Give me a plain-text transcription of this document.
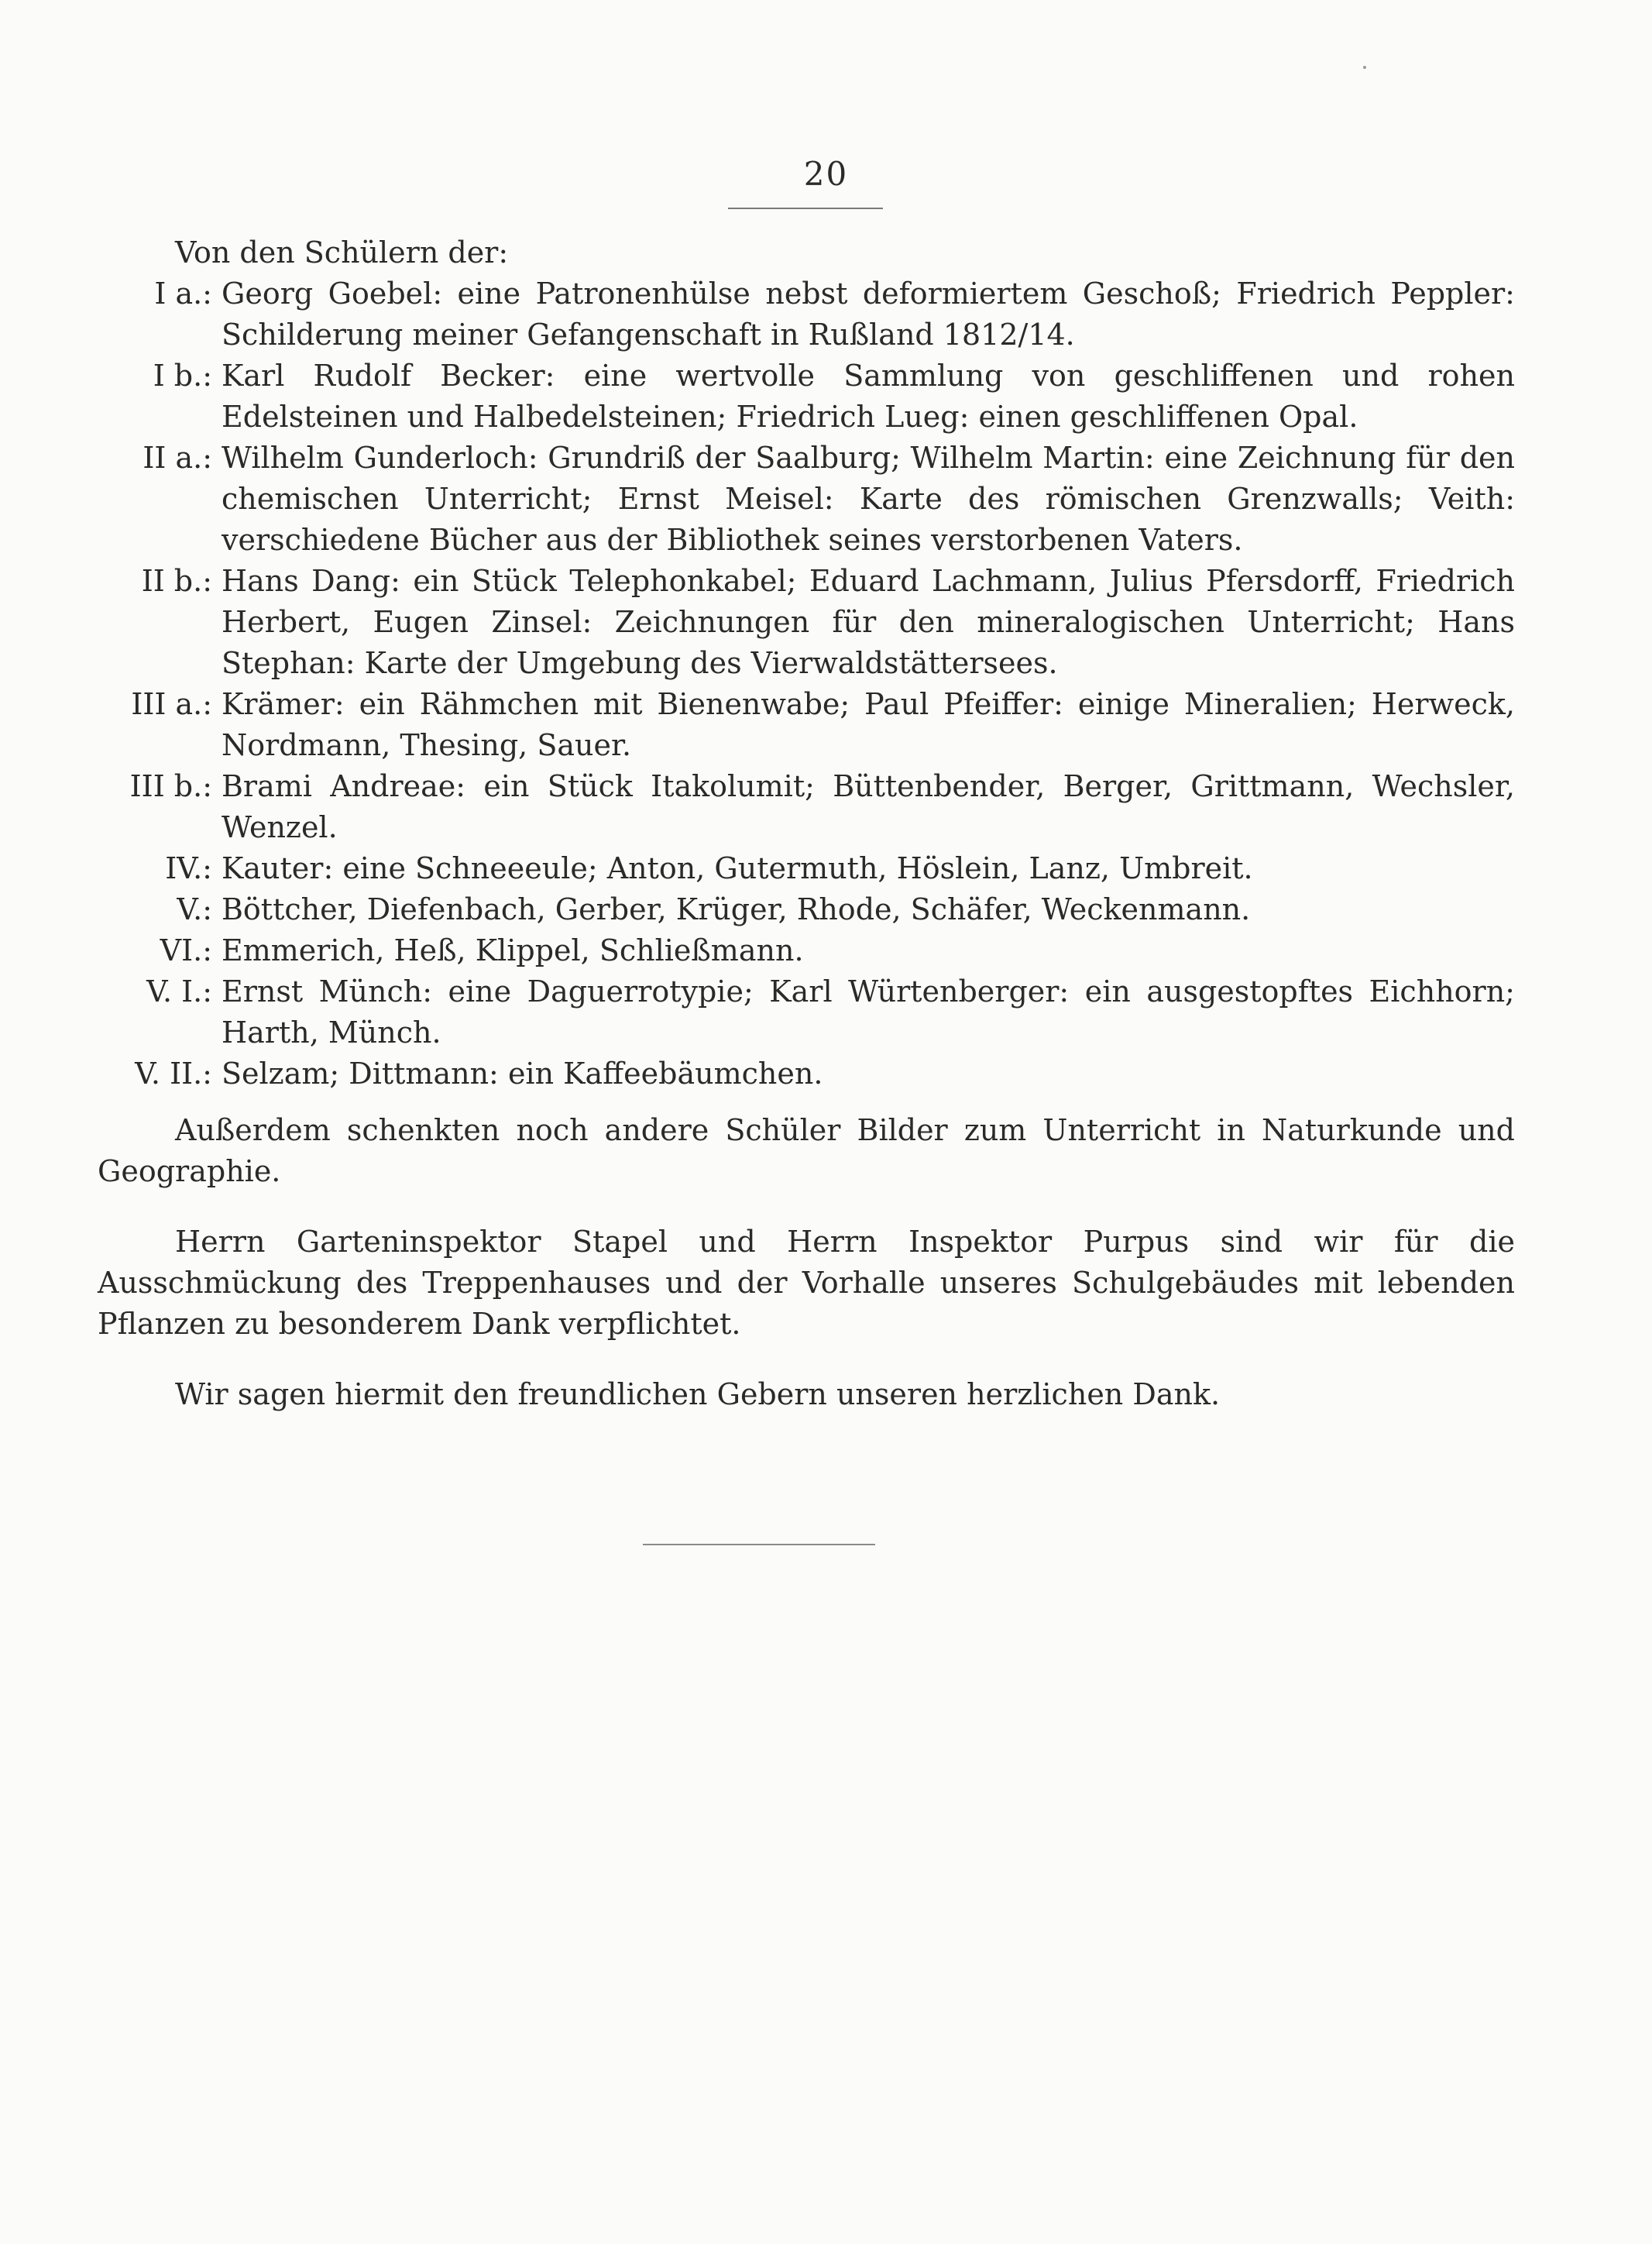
20
Von den Schülern der:
I a.: Georg Goebel: eine Patronenhülse nebst deformiertem Geschoß; Friedrich Peppler: Schilderung meiner Gefangenschaft in Rußland 1812/14.
I b.: Karl Rudolf Becker: eine wertvolle Sammlung von geschliffenen und rohen Edelsteinen und Halbedelsteinen; Friedrich Lueg: einen geschliffenen Opal.
II a.: Wilhelm Gunderloch: Grundriß der Saalburg; Wilhelm Martin: eine Zeichnung für den chemischen Unterricht; Ernst Meisel: Karte des römischen Grenzwalls; Veith: verschiedene Bücher aus der Bibliothek seines verstorbenen Vaters.
II b.: Hans Dang: ein Stück Telephonkabel; Eduard Lachmann, Julius Pfersdorff, Friedrich Herbert, Eugen Zinsel: Zeichnungen für den mineralogischen Unterricht; Hans Stephan: Karte der Umgebung des Vierwaldstättersees.
III a.: Krämer: ein Rähmchen mit Bienenwabe; Paul Pfeiffer: einige Mineralien; Herweck, Nordmann, Thesing, Sauer.
III b.: Brami Andreae: ein Stück Itakolumit; Büttenbender, Berger, Grittmann, Wechsler, Wenzel.
IV.: Kauter: eine Schneeeule; Anton, Gutermuth, Höslein, Lanz, Umbreit.
V.: Böttcher, Diefenbach, Gerber, Krüger, Rhode, Schäfer, Weckenmann.
VI.: Emmerich, Heß, Klippel, Schließmann.
V. I.: Ernst Münch: eine Daguerrotypie; Karl Würtenberger: ein ausgestopftes Eichhorn; Harth, Münch.
V. II.: Selzam; Dittmann: ein Kaffeebäumchen.

Außerdem schenkten noch andere Schüler Bilder zum Unterricht in Naturkunde und Geographie.

Herrn Garteninspektor Stapel und Herrn Inspektor Purpus sind wir für die Ausschmückung des Treppenhauses und der Vorhalle unseres Schulgebäudes mit lebenden Pflanzen zu besonderem Dank verpflichtet.

Wir sagen hiermit den freundlichen Gebern unseren herzlichen Dank.
